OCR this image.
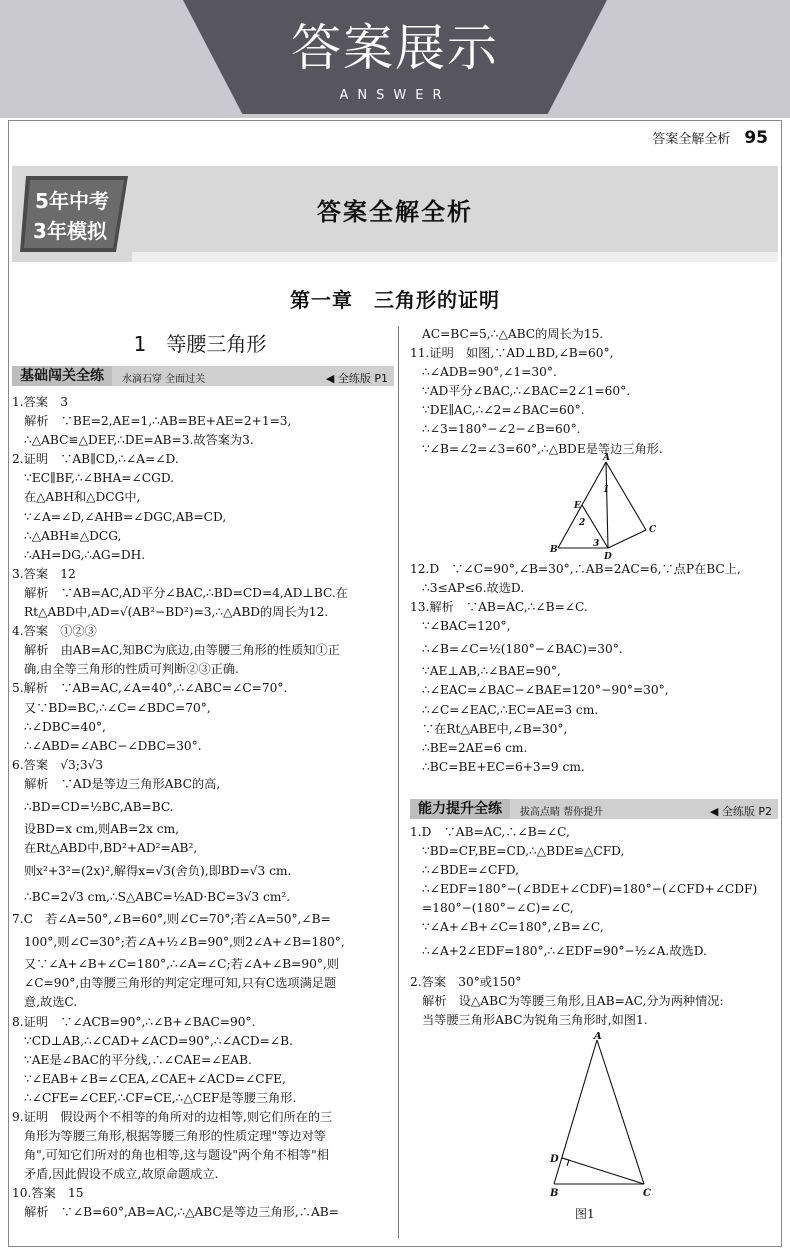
答案展示
ANSWER
答案全解全析 95
5年中考
3年模拟
答案全解全析
第一章　三角形的证明
1　等腰三角形
基础闯关全练	水滴石穿 全面过关	◀ 全练版 P1

1.答案　3

　解析　∵BE=2,AE=1,∴AB=BE+AE=2+1=3,

∴△ABC≌△DEF,∴DE=AB=3.故答案为3.

2.证明　∵AB∥CD,∴∠A=∠D.

∵EC∥BF,∴∠BHA=∠CGD.

在△ABH和△DCG中,

∵∠A=∠D,∠AHB=∠DGC,AB=CD,

∴△ABH≌△DCG,

∴AH=DG,∴AG=DH.

3.答案　12

　解析　∵AB=AC,AD平分∠BAC,∴BD=CD=4,AD⊥BC.在

Rt△ABD中,AD=√(AB²−BD²)=3,∴△ABD的周长为12.

4.答案　①②③

　解析　由AB=AC,知BC为底边,由等腰三角形的性质知①正

确,由全等三角形的性质可判断②③正确.

5.解析　∵AB=AC,∠A=40°,∴∠ABC=∠C=70°.

又∵BD=BC,∴∠C=∠BDC=70°,

∴∠DBC=40°,

∴∠ABD=∠ABC−∠DBC=30°.

6.答案　√3;3√3

　解析　∵AD是等边三角形ABC的高,

∴BD=CD=½BC,AB=BC.

设BD=x cm,则AB=2x cm,

在Rt△ABD中,BD²+AD²=AB²,

则x²+3²=(2x)²,解得x=√3(舍负),即BD=√3 cm.

∴BC=2√3 cm,∴S△ABC=½AD·BC=3√3 cm².

7.C　若∠A=50°,∠B=60°,则∠C=70°;若∠A=50°,∠B=

100°,则∠C=30°;若∠A+½∠B=90°,则2∠A+∠B=180°,

又∵∠A+∠B+∠C=180°,∴∠A=∠C;若∠A+∠B=90°,则

∠C=90°,由等腰三角形的判定定理可知,只有C选项满足题

意,故选C.

8.证明　∵∠ACB=90°,∴∠B+∠BAC=90°.

∵CD⊥AB,∴∠CAD+∠ACD=90°,∴∠ACD=∠B.

∵AE是∠BAC的平分线,∴∠CAE=∠EAB.

∵∠EAB+∠B=∠CEA,∠CAE+∠ACD=∠CFE,

∴∠CFE=∠CEF,∴CF=CE,∴△CEF是等腰三角形.

9.证明　假设两个不相等的角所对的边相等,则它们所在的三

角形为等腰三角形,根据等腰三角形的性质定理"等边对等

角",可知它们所对的角也相等,这与题设"两个角不相等"相

矛盾,因此假设不成立,故原命题成立.

10.答案　15

　解析　∵∠B=60°,AB=AC,∴△ABC是等边三角形,∴AB=

AC=BC=5,∴△ABC的周长为15.

11.证明　如图,∵AD⊥BD,∠B=60°,

∴∠ADB=90°,∠1=30°.

∵AD平分∠BAC,∴∠BAC=2∠1=60°.

∵DE∥AC,∴∠2=∠BAC=60°.

∴∠3=180°−∠2−∠B=60°.

∵∠B=∠2=∠3=60°,∴△BDE是等边三角形.

A
E
1
2
3
B
D
C

12.D　∵∠C=90°,∠B=30°,∴AB=2AC=6,∵点P在BC上,

∴3≤AP≤6.故选D.

13.解析　∵AB=AC,∴∠B=∠C.

∵∠BAC=120°,

∴∠B=∠C=½(180°−∠BAC)=30°.

∵AE⊥AB,∴∠BAE=90°,

∴∠EAC=∠BAC−∠BAE=120°−90°=30°,

∴∠C=∠EAC,∴EC=AE=3 cm.

∵在Rt△ABE中,∠B=30°,

∴BE=2AE=6 cm.

∴BC=BE+EC=6+3=9 cm.

能力提升全练	拔高点睛 帮你提升	◀ 全练版 P2

1.D　∵AB=AC,∴∠B=∠C,

∵BD=CF,BE=CD,∴△BDE≌△CFD,

∴∠BDE=∠CFD,

∴∠EDF=180°−(∠BDE+∠CDF)=180°−(∠CFD+∠CDF)

=180°−(180°−∠C)=∠C,

∵∠A+∠B+∠C=180°,∠B=∠C,

∴∠A+2∠EDF=180°,∴∠EDF=90°−½∠A.故选D.

2.答案　30°或150°

　解析　设△ABC为等腰三角形,且AB=AC,分为两种情况:

当等腰三角形ABC为锐角三角形时,如图1.

A
D
B	C
图1
